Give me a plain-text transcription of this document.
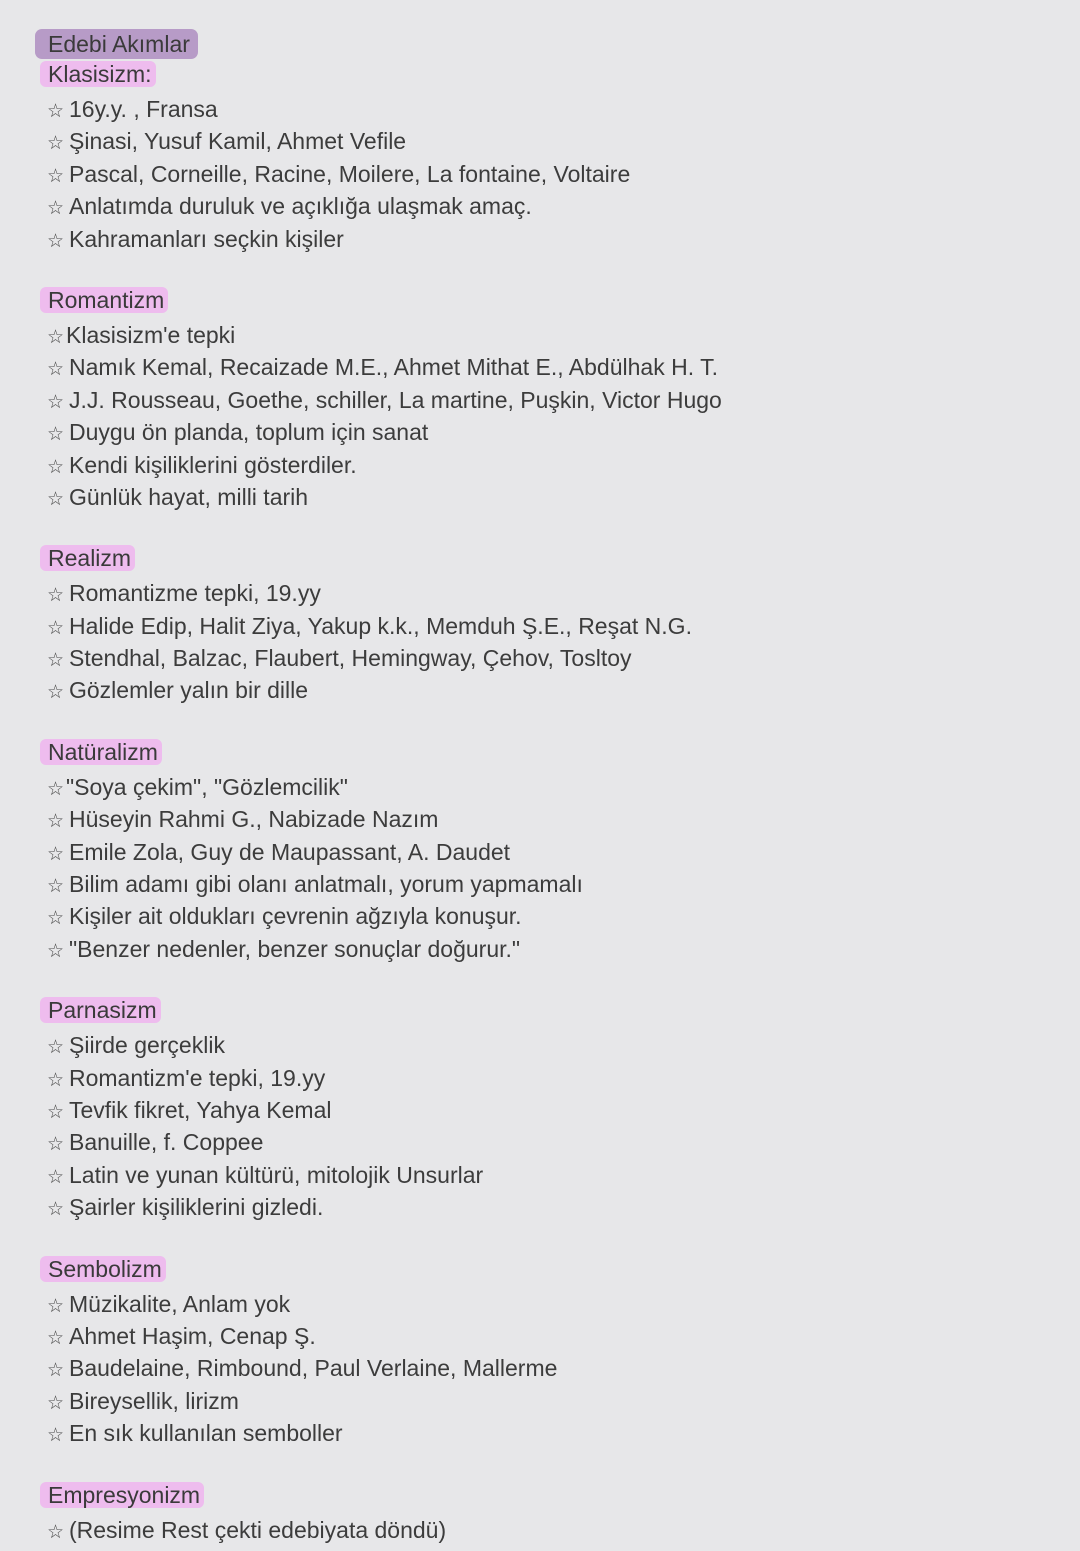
Edebi Akımlar
Klasisizm:
☆ 16y.y. , Fransa
☆ Şinasi, Yusuf Kamil, Ahmet Vefile
☆ Pascal, Corneille, Racine, Moilere, La fontaine, Voltaire
☆ Anlatımda duruluk ve açıklığa ulaşmak amaç.
☆ Kahramanları seçkin kişiler
Romantizm
☆Klasisizm'e tepki
☆ Namık Kemal, Recaizade M.E., Ahmet Mithat E., Abdülhak H. T.
☆ J.J. Rousseau, Goethe, schiller, La martine, Puşkin, Victor Hugo
☆ Duygu ön planda, toplum için sanat
☆ Kendi kişiliklerini gösterdiler.
☆ Günlük hayat, milli tarih
Realizm
☆ Romantizme tepki, 19.yy
☆ Halide Edip, Halit Ziya, Yakup k.k., Memduh Ş.E., Reşat N.G.
☆ Stendhal, Balzac, Flaubert, Hemingway, Çehov, Tosltoy
☆ Gözlemler yalın bir dille
Natüralizm
☆"Soya çekim", "Gözlemcilik"
☆ Hüseyin Rahmi G., Nabizade Nazım
☆ Emile Zola, Guy de Maupassant, A. Daudet
☆ Bilim adamı gibi olanı anlatmalı, yorum yapmamalı
☆ Kişiler ait oldukları çevrenin ağzıyla konuşur.
☆ "Benzer nedenler, benzer sonuçlar doğurur."
Parnasizm
☆ Şiirde gerçeklik
☆ Romantizm'e tepki, 19.yy
☆ Tevfik fikret, Yahya Kemal
☆ Banuille, f. Coppee
☆ Latin ve yunan kültürü, mitolojik Unsurlar
☆ Şairler kişiliklerini gizledi.
Sembolizm
☆ Müzikalite, Anlam yok
☆ Ahmet Haşim, Cenap Ş.
☆ Baudelaine, Rimbound, Paul Verlaine, Mallerme
☆ Bireysellik, lirizm
☆ En sık kullanılan semboller
Empresyonizm
☆ (Resime Rest çekti edebiyata döndü)
